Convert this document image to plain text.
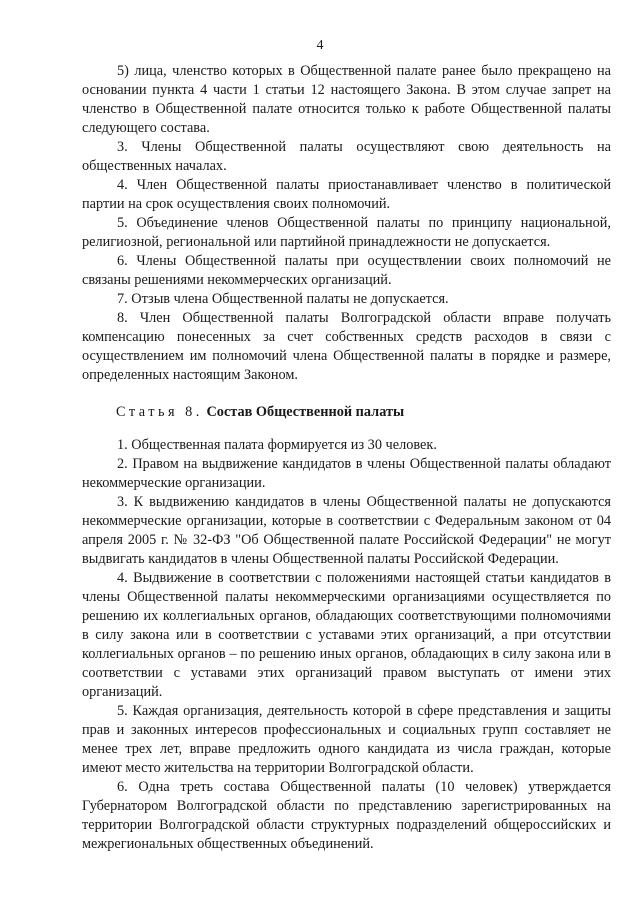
4

5) лица, членство которых в Общественной палате ранее было прекращено на основании пункта 4 части 1 статьи 12 настоящего Закона. В этом случае запрет на членство в Общественной палате относится только к работе Общественной палаты следующего состава.

3. Члены Общественной палаты осуществляют свою деятельность на общественных началах.

4. Член Общественной палаты приостанавливает членство в политической партии на срок осуществления своих полномочий.

5. Объединение членов Общественной палаты по принципу национальной, религиозной, региональной или партийной принадлежности не допускается.

6. Члены Общественной палаты при осуществлении своих полномочий не связаны решениями некоммерческих организаций.

7. Отзыв члена Общественной палаты не допускается.

8. Член Общественной палаты Волгоградской области вправе получать компенсацию понесенных за счет собственных средств расходов в связи с осуществлением им полномочий члена Общественной палаты в порядке и размере, определенных настоящим Законом.

Статья 8. Состав Общественной палаты

1. Общественная палата формируется из 30 человек.

2. Правом на выдвижение кандидатов в члены Общественной палаты обладают некоммерческие организации.

3. К выдвижению кандидатов в члены Общественной палаты не допускаются некоммерческие организации, которые в соответствии с Федеральным законом от 04 апреля 2005 г. № 32-ФЗ "Об Общественной палате Российской Федерации" не могут выдвигать кандидатов в члены Общественной палаты Российской Федерации.

4. Выдвижение в соответствии с положениями настоящей статьи кандидатов в члены Общественной палаты некоммерческими организациями осуществляется по решению их коллегиальных органов, обладающих соответствующими полномочиями в силу закона или в соответствии с уставами этих организаций, а при отсутствии коллегиальных органов – по решению иных органов, обладающих в силу закона или в соответствии с уставами этих организаций правом выступать от имени этих организаций.

5. Каждая организация, деятельность которой в сфере представления и защиты прав и законных интересов профессиональных и социальных групп составляет не менее трех лет, вправе предложить одного кандидата из числа граждан, которые имеют место жительства на территории Волгоградской области.

6. Одна треть состава Общественной палаты (10 человек) утверждается Губернатором Волгоградской области по представлению зарегистрированных на территории Волгоградской области структурных подразделений общероссийских и межрегиональных общественных объединений.
